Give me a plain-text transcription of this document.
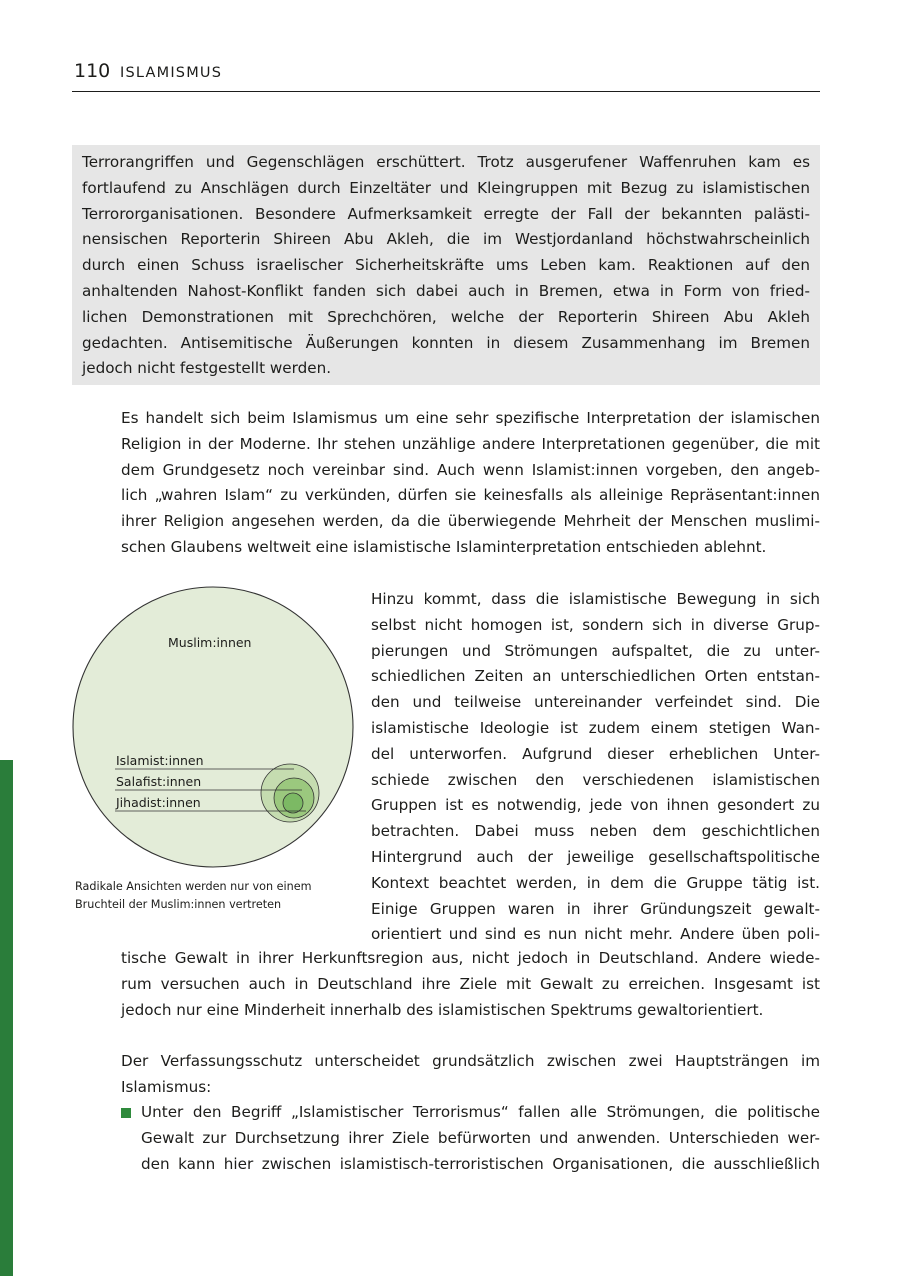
110 ISLAMISMUS

Terrorangriffen und Gegenschlägen erschüttert. Trotz ausgerufener Waffenruhen kam es
fortlaufend zu Anschlägen durch Einzeltäter und Kleingruppen mit Bezug zu islamistischen
Terrororganisationen. Besondere Aufmerksamkeit erregte der Fall der bekannten palästi-
nensischen Reporterin Shireen Abu Akleh, die im Westjordanland höchstwahrscheinlich
durch einen Schuss israelischer Sicherheitskräfte ums Leben kam. Reaktionen auf den
anhaltenden Nahost-Konflikt fanden sich dabei auch in Bremen, etwa in Form von fried-
lichen Demonstrationen mit Sprechchören, welche der Reporterin Shireen Abu Akleh
gedachten. Antisemitische Äußerungen konnten in diesem Zusammenhang im Bremen
jedoch nicht festgestellt werden.

Es handelt sich beim Islamismus um eine sehr spezifische Interpretation der islamischen
Religion in der Moderne. Ihr stehen unzählige andere Interpretationen gegenüber, die mit
dem Grundgesetz noch vereinbar sind. Auch wenn Islamist:innen vorgeben, den angeb-
lich „wahren Islam“ zu verkünden, dürfen sie keinesfalls als alleinige Repräsentant:innen
ihrer Religion angesehen werden, da die überwiegende Mehrheit der Menschen muslimi-
schen Glaubens weltweit eine islamistische Islaminterpretation entschieden ablehnt.

Muslim:innen
Islamist:innen
Salafist:innen
Jihadist:innen

Radikale Ansichten werden nur von einem
Bruchteil der Muslim:innen vertreten

Hinzu kommt, dass die islamistische Bewegung in sich
selbst nicht homogen ist, sondern sich in diverse Grup-
pierungen und Strömungen aufspaltet, die zu unter-
schiedlichen Zeiten an unterschiedlichen Orten entstan-
den und teilweise untereinander verfeindet sind. Die
islamistische Ideologie ist zudem einem stetigen Wan-
del unterworfen. Aufgrund dieser erheblichen Unter-
schiede zwischen den verschiedenen islamistischen
Gruppen ist es notwendig, jede von ihnen gesondert zu
betrachten. Dabei muss neben dem geschichtlichen
Hintergrund auch der jeweilige gesellschaftspolitische
Kontext beachtet werden, in dem die Gruppe tätig ist.
Einige Gruppen waren in ihrer Gründungszeit gewalt-
orientiert und sind es nun nicht mehr. Andere üben poli-

tische Gewalt in ihrer Herkunftsregion aus, nicht jedoch in Deutschland. Andere wiede-
rum versuchen auch in Deutschland ihre Ziele mit Gewalt zu erreichen. Insgesamt ist
jedoch nur eine Minderheit innerhalb des islamistischen Spektrums gewaltorientiert.

Der Verfassungsschutz unterscheidet grundsätzlich zwischen zwei Hauptsträngen im
Islamismus:

Unter den Begriff „Islamistischer Terrorismus“ fallen alle Strömungen, die politische
Gewalt zur Durchsetzung ihrer Ziele befürworten und anwenden. Unterschieden wer-
den kann hier zwischen islamistisch-terroristischen Organisationen, die ausschließlich
